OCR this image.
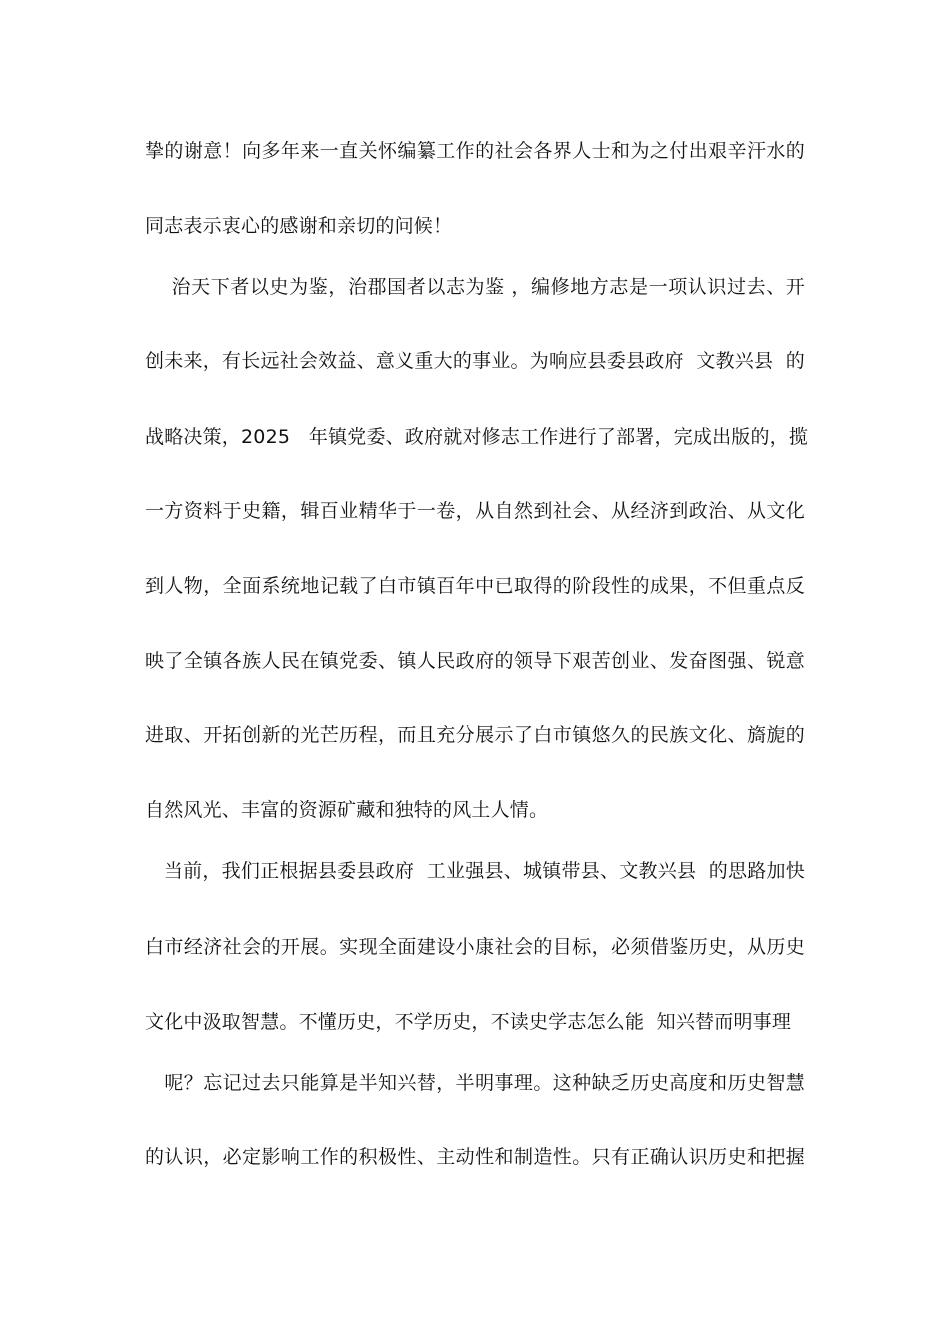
挚的谢意！向多年来一直关怀编纂工作的社会各界人士和为之付出艰辛汗水的
同志表示衷心的感谢和亲切的问候！
治天下者以史为鉴，治郡国者以志为鉴 ，编修地方志是一项认识过去、开
创未来，有长远社会效益、意义重大的事业。为响应县委县政府  文教兴县  的
战略决策，2025   年镇党委、政府就对修志工作进行了部署，完成出版的，揽
一方资料于史籍，辑百业精华于一卷，从自然到社会、从经济到政治、从文化
到人物，全面系统地记载了白市镇百年中已取得的阶段性的成果，不但重点反
映了全镇各族人民在镇党委、镇人民政府的领导下艰苦创业、发奋图强、锐意
进取、开拓创新的光芒历程，而且充分展示了白市镇悠久的民族文化、旖旎的
自然风光、丰富的资源矿藏和独特的风土人情。
当前，我们正根据县委县政府  工业强县、城镇带县、文教兴县  的思路加快
白市经济社会的开展。实现全面建设小康社会的目标，必须借鉴历史，从历史
文化中汲取智慧。不懂历史，不学历史，不读史学志怎么能  知兴替而明事理
呢？忘记过去只能算是半知兴替，半明事理。这种缺乏历史高度和历史智慧
的认识，必定影响工作的积极性、主动性和制造性。只有正确认识历史和把握
